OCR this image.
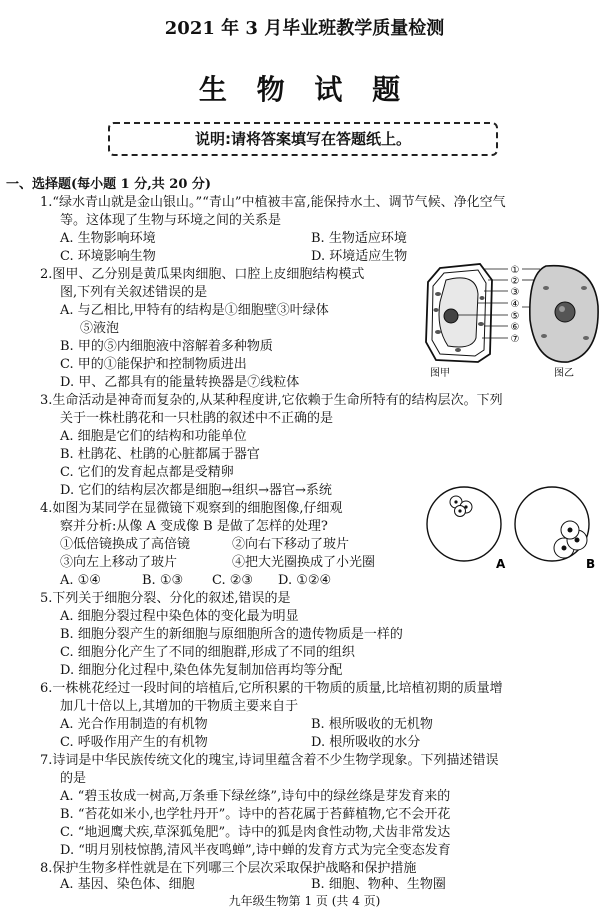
2021 年 3 月毕业班教学质量检测
生 物 试 题
说明:请将答案填写在答题纸上。
一、选择题(每小题 1 分,共 20 分)
1.“绿水青山就是金山银山。”“青山”中植被丰富,能保持水土、调节气候、净化空气
等。这体现了生物与环境之间的关系是
A. 生物影响环境	B. 生物适应环境
C. 环境影响生物	D. 环境适应生物
2.图甲、乙分别是黄瓜果肉细胞、口腔上皮细胞结构模式
图,下列有关叙述错误的是
A. 与乙相比,甲特有的结构是①细胞壁③叶绿体
⑤液泡
B. 甲的⑤内细胞液中溶解着多种物质
C. 甲的①能保护和控制物质进出
D. 甲、乙都具有的能量转换器是⑦线粒体
①
②
③
④
⑤
⑥
⑦
图甲	图乙
3.生命活动是神奇而复杂的,从某种程度讲,它依赖于生命所特有的结构层次。下列
关于一株杜鹃花和一只杜鹃的叙述中不正确的是
A. 细胞是它们的结构和功能单位
B. 杜鹃花、杜鹃的心脏都属于器官
C. 它们的发育起点都是受精卵
D. 它们的结构层次都是细胞→组织→器官→系统
4.如图为某同学在显微镜下观察到的细胞图像,仔细观
察并分析:从像 A 变成像 B 是做了怎样的处理?
①低倍镜换成了高倍镜	②向右下移动了玻片
③向左上移动了玻片	④把大光圈换成了小光圈
A. ①④	B. ①③ C. ②③ D. ①②④
A	B
5.下列关于细胞分裂、分化的叙述,错误的是
A. 细胞分裂过程中染色体的变化最为明显
B. 细胞分裂产生的新细胞与原细胞所含的遗传物质是一样的
C. 细胞分化产生了不同的细胞群,形成了不同的组织
D. 细胞分化过程中,染色体先复制加倍再均等分配
6.一株桃花经过一段时间的培植后,它所积累的干物质的质量,比培植初期的质量增
加几十倍以上,其增加的干物质主要来自于
A. 光合作用制造的有机物	B. 根所吸收的无机物
C. 呼吸作用产生的有机物	D. 根所吸收的水分
7.诗词是中华民族传统文化的瑰宝,诗词里蕴含着不少生物学现象。下列描述错误
的是
A. “碧玉妆成一树高,万条垂下绿丝绦”,诗句中的绿丝绦是芽发育来的
B. “苔花如米小,也学牡丹开”。诗中的苔花属于苔藓植物,它不会开花
C. “地迥鹰犬疾,草深狐兔肥”。诗中的狐是肉食性动物,犬齿非常发达
D. “明月别枝惊鹊,清风半夜鸣蝉”,诗中蝉的发育方式为完全变态发育
8.保护生物多样性就是在下列哪三个层次采取保护战略和保护措施
A. 基因、染色体、细胞	B. 细胞、物种、生物圈
九年级生物第 1 页 (共 4 页)
